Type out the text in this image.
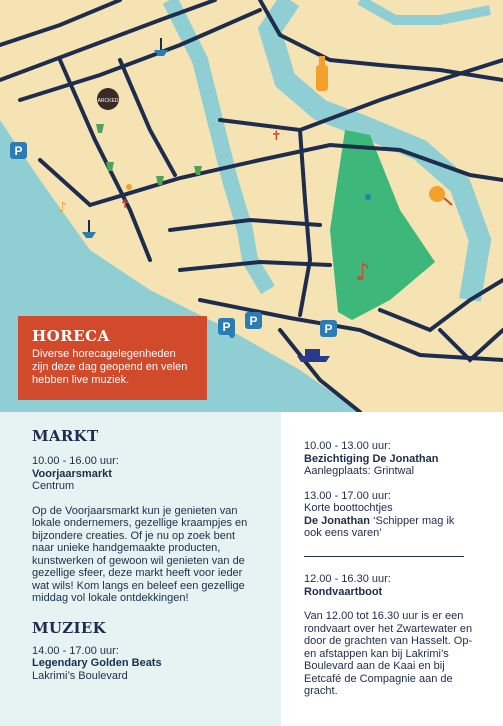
P
P P
P
✝
✝
♪
♪
ARCKED
HORECA

Diverse horecagelegenheden zijn deze dag geopend en velen hebben live muziek.

MARKT

10.00 - 16.00 uur:

Voorjaarsmarkt

Centrum

Op de Voorjaarsmarkt kun je genieten van lokale ondernemers, gezellige kraampjes en bijzondere creaties. Of je nu op zoek bent naar unieke handgemaakte producten, kunstwerken of gewoon wil genieten van de gezellige sfeer, deze markt heeft voor ieder wat wils! Kom langs en beleef een gezellige middag vol lokale ontdekkingen!

MUZIEK

14.00 - 17.00 uur:

Legendary Golden Beats

Lakrimi’s Boulevard

10.00 - 13.00 uur:

Bezichtiging De Jonathan

Aanlegplaats: Grintwal

13.00 - 17.00 uur:

Korte boottochtjes

De Jonathan ‘Schipper mag ik ook eens varen’

12.00 - 16.30 uur:

Rondvaartboot

Van 12.00 tot 16.30 uur is er een rondvaart over het Zwartewater en door de grachten van Hasselt. Op- en afstappen kan bij Lakrimi’s Boulevard aan de Kaai en bij Eetcafé de Compagnie aan de gracht.
